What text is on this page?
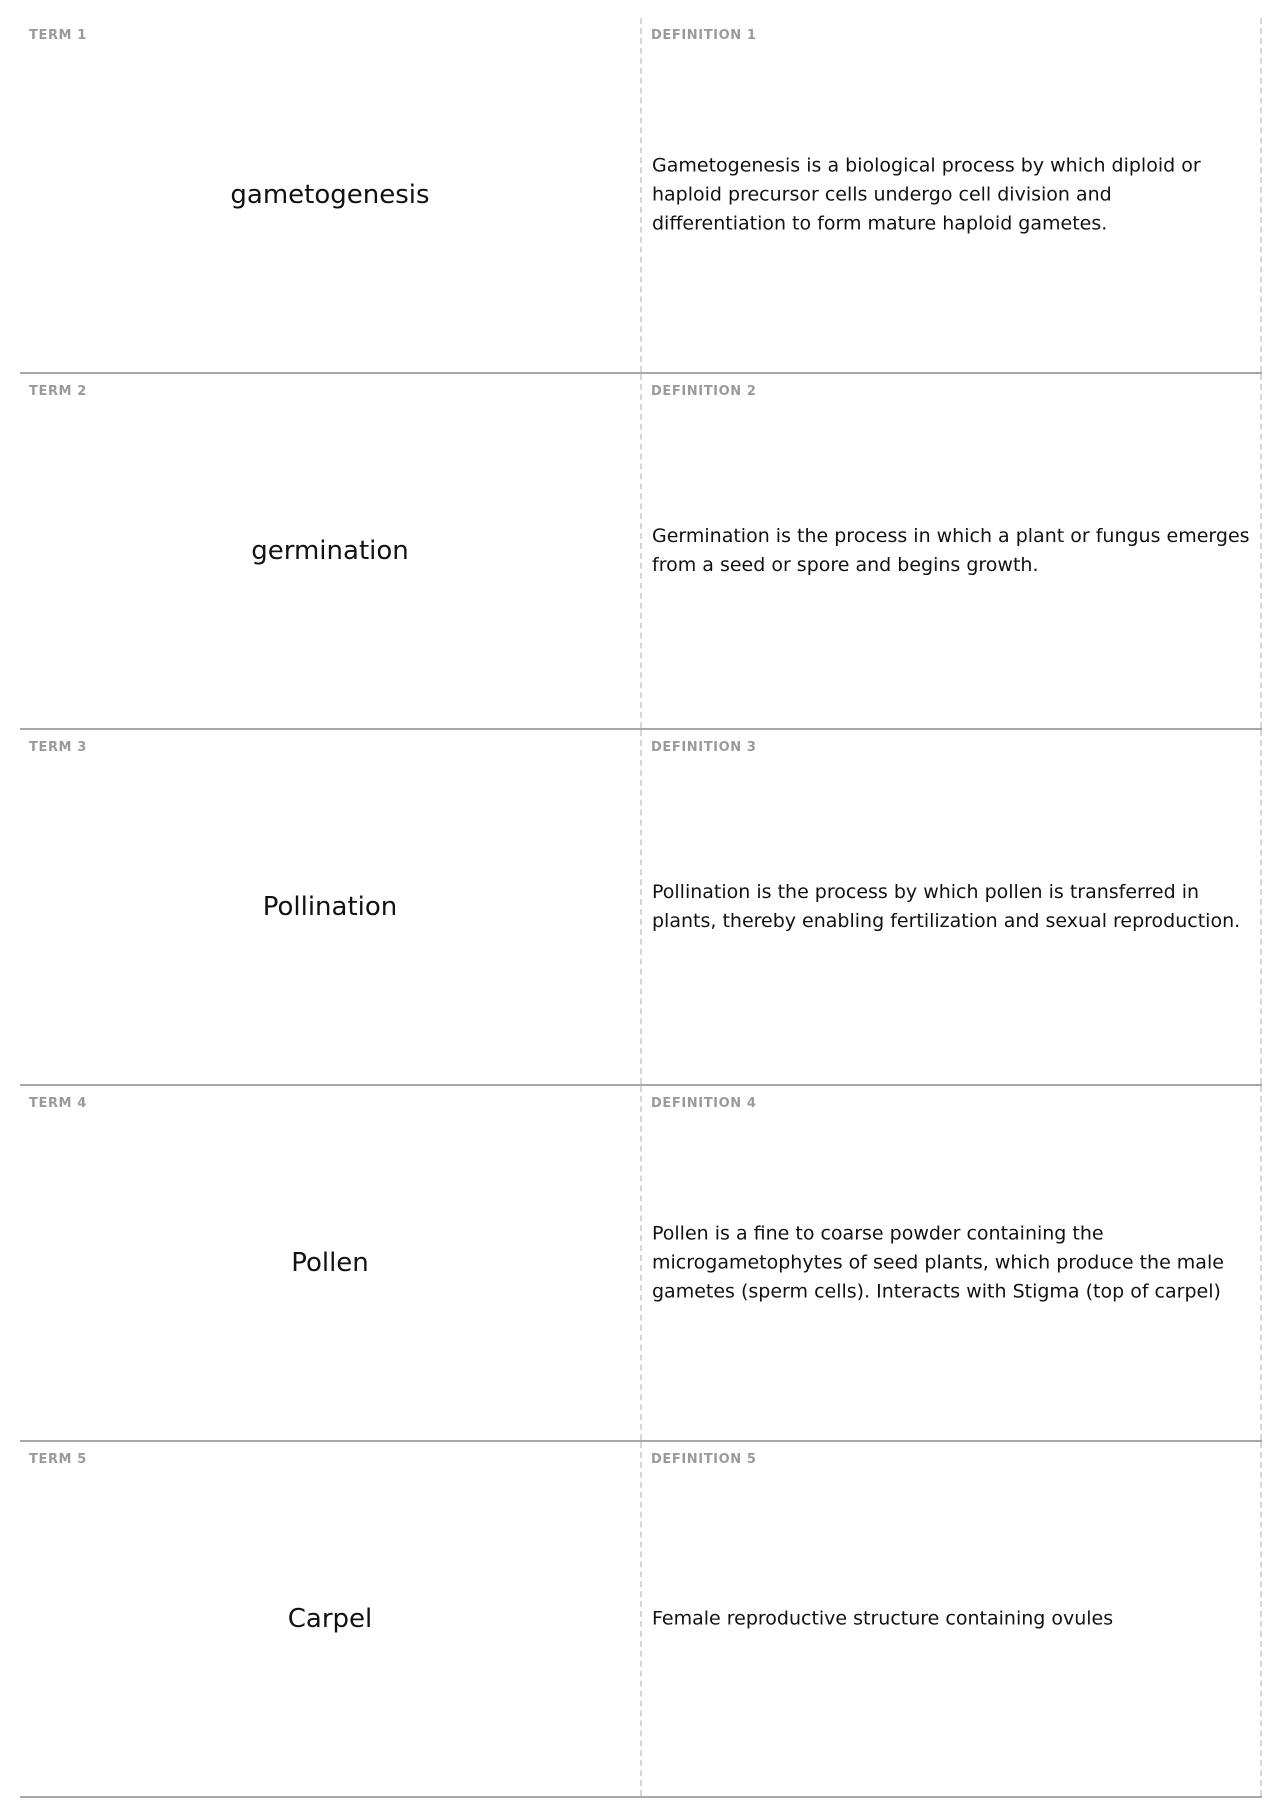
TERM 1
gametogenesis
DEFINITION 1
Gametogenesis is a biological process by which diploid or haploid precursor cells undergo cell division and differentiation to form mature haploid gametes.
TERM 2
germination
DEFINITION 2
Germination is the process in which a plant or fungus emerges from a seed or spore and begins growth.
TERM 3
Pollination
DEFINITION 3
Pollination is the process by which pollen is transferred in plants, thereby enabling fertilization and sexual reproduction.
TERM 4
Pollen
DEFINITION 4
Pollen is a fine to coarse powder containing the microgametophytes of seed plants, which produce the male gametes (sperm cells). Interacts with Stigma (top of carpel)
TERM 5
Carpel
DEFINITION 5
Female reproductive structure containing ovules
